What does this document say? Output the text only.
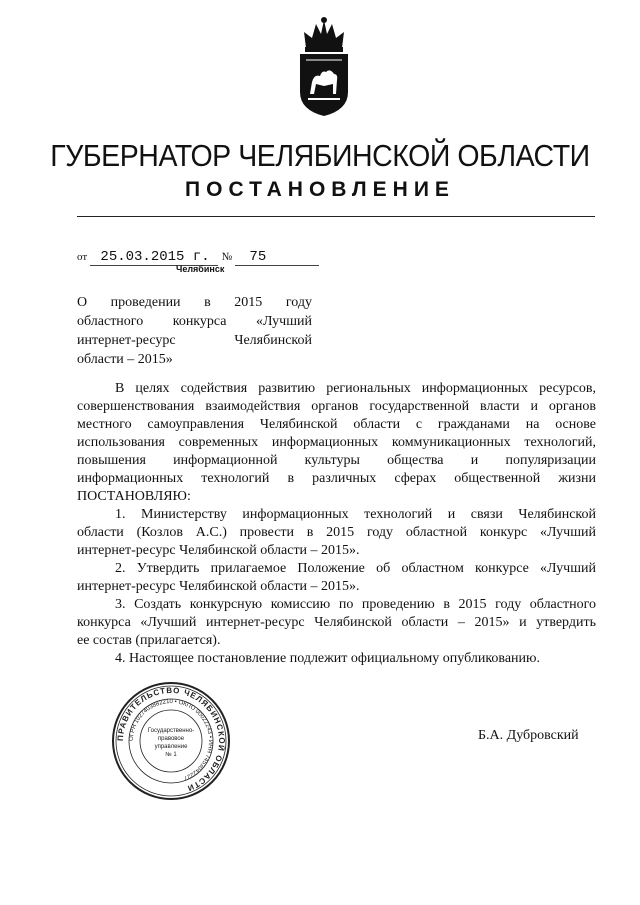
ГУБЕРНАТОР ЧЕЛЯБИНСКОЙ ОБЛАСТИ
ПОСТАНОВЛЕНИЕ
от 25.03.2015 г. № 75
Челябинск
О проведении в 2015 году
областного конкурса «Лучший
интернет-ресурс Челябинской
области – 2015»
В целях содействия развитию региональных информационных ресурсов,
совершенствования взаимодействия органов государственной власти и органов
местного самоуправления Челябинской области с гражданами на основе
использования современных информационных коммуникационных технологий,
повышения информационной культуры общества и популяризации
информационных технологий в различных сферах общественной жизни
ПОСТАНОВЛЯЮ:
1. Министерству информационных технологий и связи Челябинской
области (Козлов А.С.) провести в 2015 году областной конкурс «Лучший
интернет-ресурс Челябинской области – 2015».
2. Утвердить прилагаемое Положение об областном конкурсе «Лучший
интернет-ресурс Челябинской области – 2015».
3. Создать конкурсную комиссию по проведению в 2015 году областного
конкурса «Лучший интернет-ресурс Челябинской области – 2015» и утвердить
ее состав (прилагается).
4. Настоящее постановление подлежит официальному опубликованию.
ПРАВИТЕЛЬСТВО ЧЕЛЯБИНСКОЙ ОБЛАСТИ
ОГРН 1027403882210 • ОКПО 00022243 • ИНН 7453042227
Государственно-
правовое
управление
№ 1
Б.А. Дубровский
